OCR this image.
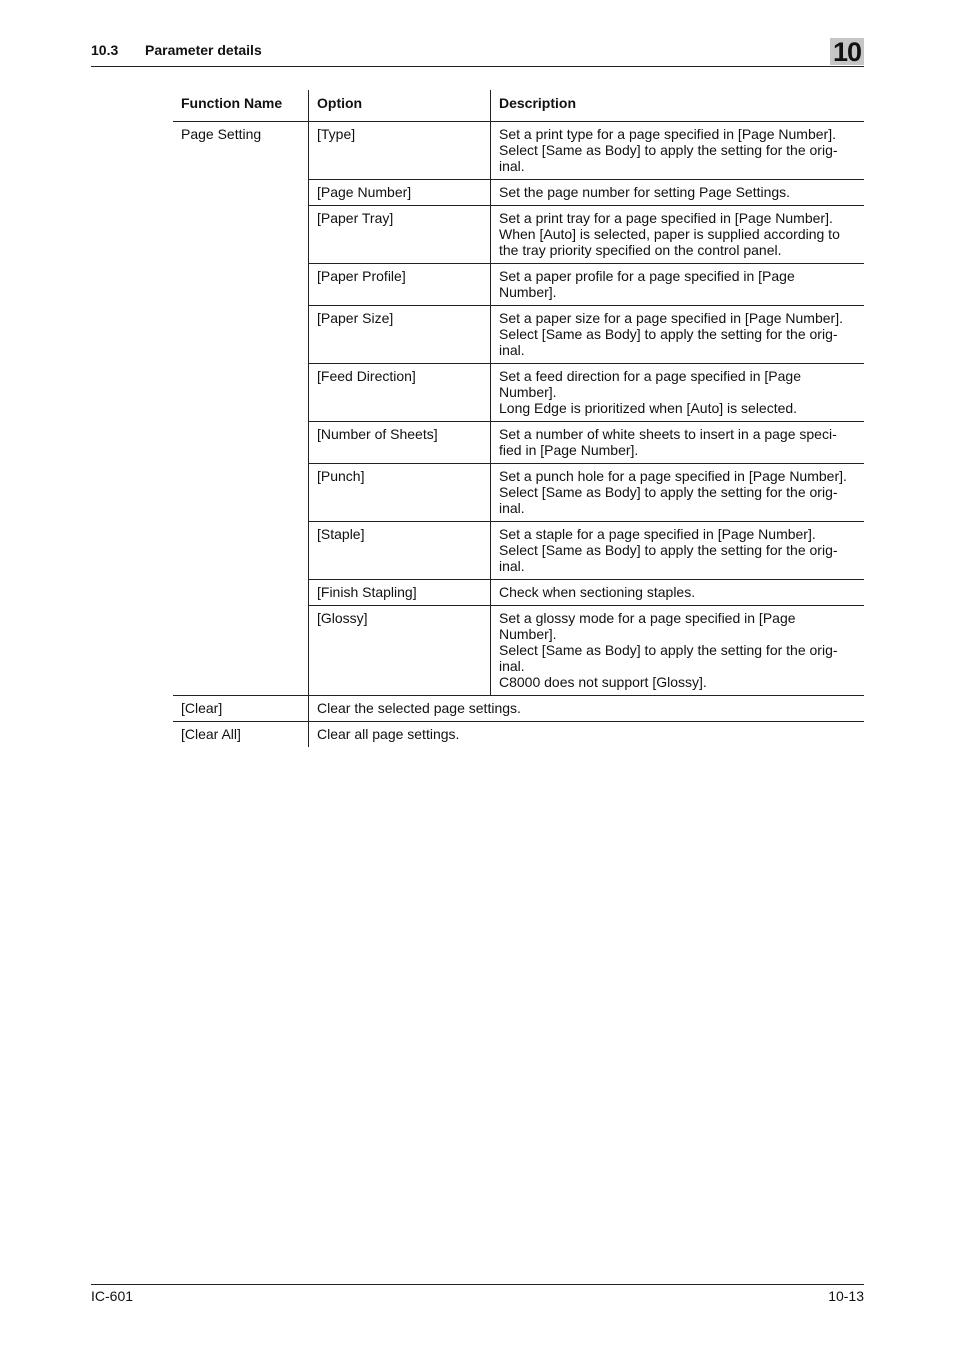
10.3 Parameter details	10
Function Name	Option	Description
Page Setting	[Type]	Set a print type for a page specified in [Page Number].
Select [Same as Body] to apply the setting for the orig-
inal.

	[Page Number]	Set the page number for setting Page Settings.

	[Paper Tray]	Set a print tray for a page specified in [Page Number].
When [Auto] is selected, paper is supplied according to
the tray priority specified on the control panel.

	[Paper Profile]	Set a paper profile for a page specified in [Page
Number].

	[Paper Size]	Set a paper size for a page specified in [Page Number].
Select [Same as Body] to apply the setting for the orig-
inal.

	[Feed Direction]	Set a feed direction for a page specified in [Page
Number].
Long Edge is prioritized when [Auto] is selected.

	[Number of Sheets]	Set a number of white sheets to insert in a page speci-
fied in [Page Number].

	[Punch]	Set a punch hole for a page specified in [Page Number].
Select [Same as Body] to apply the setting for the orig-
inal.

	[Staple]	Set a staple for a page specified in [Page Number].
Select [Same as Body] to apply the setting for the orig-
inal.

	[Finish Stapling]	Check when sectioning staples.

	[Glossy]	Set a glossy mode for a page specified in [Page
Number].
Select [Same as Body] to apply the setting for the orig-
inal.
C8000 does not support [Glossy].

[Clear]	Clear the selected page settings.	
[Clear All]	Clear all page settings.	
IC-601	10-13
